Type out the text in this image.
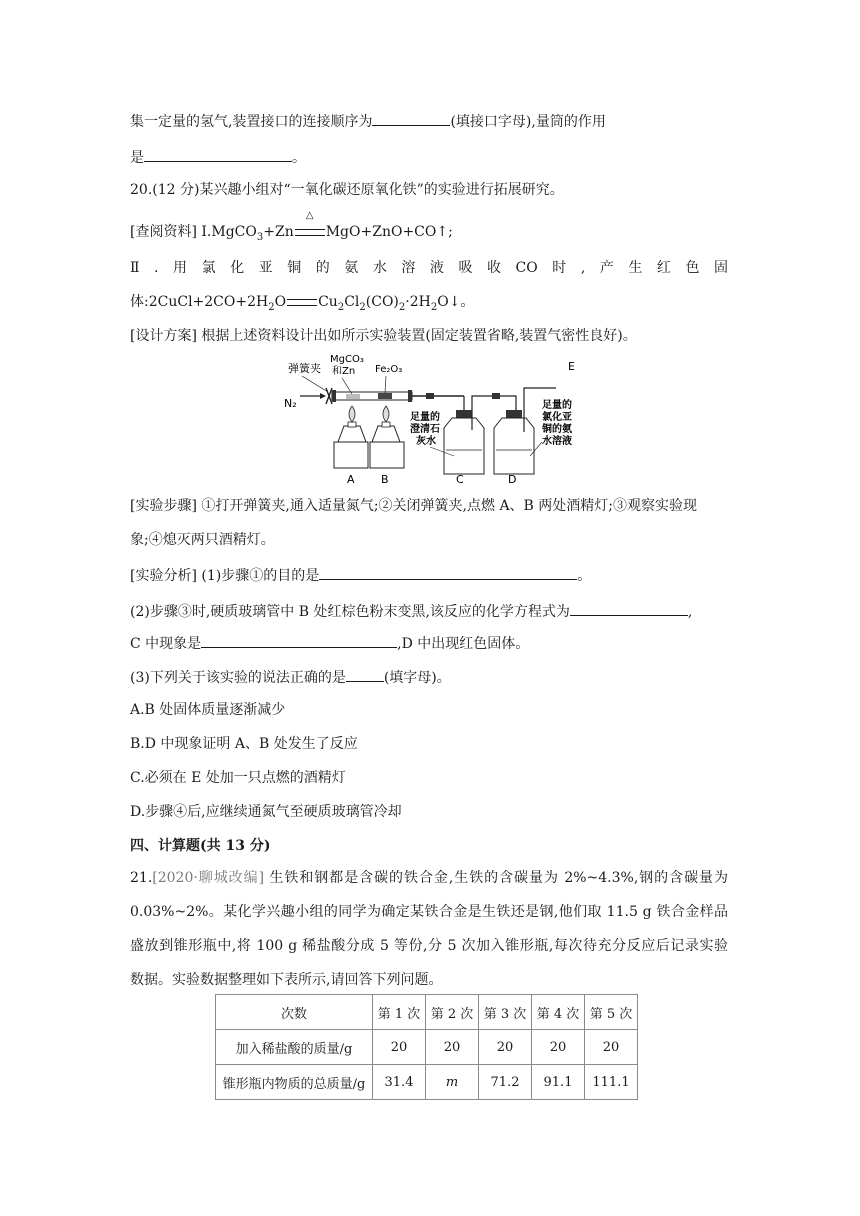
集一定量的氢气,装置接口的连接顺序为	(填接口字母),量筒的作用
是	。
20.(12 分)某兴趣小组对“一氧化碳还原氧化铁”的实验进行拓展研究。
[查阅资料] Ⅰ.MgCO$_3$+Zn △ MgO+ZnO+CO↑;
Ⅱ.用氯化亚铜的氨水溶液吸收CO时,产生红色固
体$:2CuCl+2CO+2H_2O$ $Cu_2Cl_2(CO)_2\cdot 2H_2O↓$。
[设计方案] 根据上述资料设计出如所示实验装置(固定装置省略,装置气密性良好)。
弹簧夹
MgCO₃
和Zn Fe₂O₃	E
N₂
A B	C	D
足量的
澄清石
灰水
足量的
氯化亚
铜的氨
水溶液
[实验步骤] ①打开弹簧夹,通入适量氮气;②关闭弹簧夹,点燃 A、B 两处酒精灯;③观察实验现
象;④熄灭两只酒精灯。
[实验分析] (1)步骤①的目的是	。
(2)步骤③时,硬质玻璃管中 B 处红棕色粉末变黑,该反应的化学方程式为	,
C 中现象是	,D 中出现红色固体。
(3)下列关于该实验的说法正确的是	(填字母)。
A.B 处固体质量逐渐减少
B.D 中现象证明 A、B 处发生了反应
C.必须在 E 处加一只点燃的酒精灯
D.步骤④后,应继续通氮气至硬质玻璃管冷却
四、计算题(共 13 分)
21.[2020·聊城改编] 生铁和钢都是含碳的铁合金,生铁的含碳量为 2%~4.3%,钢的含碳量为
0.03%~2%。某化学兴趣小组的同学为确定某铁合金是生铁还是钢,他们取 11.5 g 铁合金样品
盛放到锥形瓶中,将 100 g 稀盐酸分成 5 等份,分 5 次加入锥形瓶,每次待充分反应后记录实验
数据。实验数据整理如下表所示,请回答下列问题。
次数	第 1 次	第 2 次	第 3 次	第 4 次	第 5 次
加入稀盐酸的质量/g	20	20	20	20	20
锥形瓶内物质的总质量/g	31.4	m	71.2	91.1	111.1
